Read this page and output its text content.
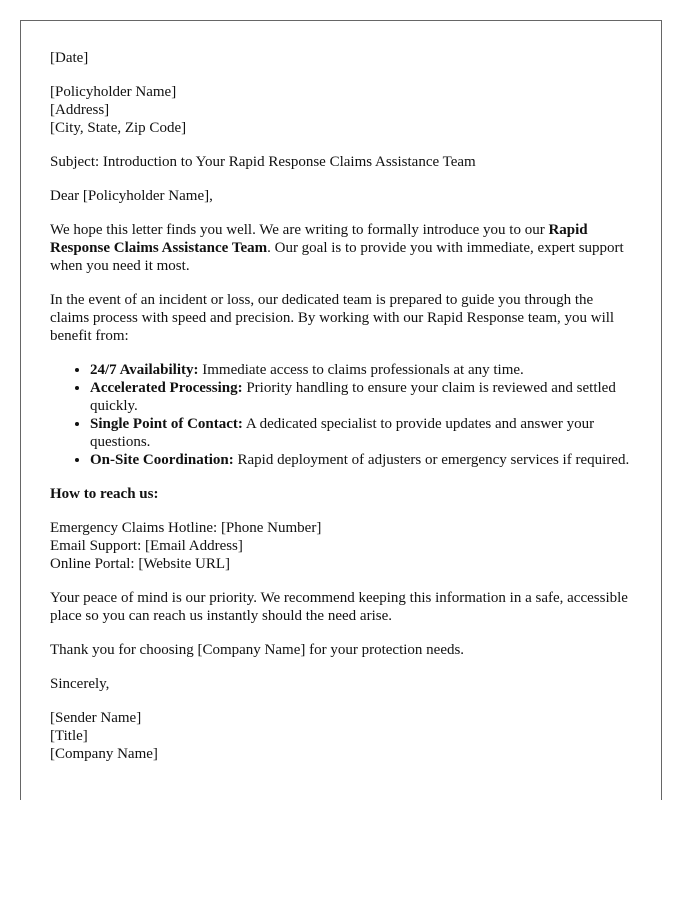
[Date]

[Policyholder Name]
[Address]
[City, State, Zip Code]

Subject: Introduction to Your Rapid Response Claims Assistance Team

Dear [Policyholder Name],

We hope this letter finds you well. We are writing to formally introduce you to our Rapid Response Claims Assistance Team. Our goal is to provide you with immediate, expert support when you need it most.

In the event of an incident or loss, our dedicated team is prepared to guide you through the claims process with speed and precision. By working with our Rapid Response team, you will benefit from:

• 24/7 Availability: Immediate access to claims professionals at any time.
• Accelerated Processing: Priority handling to ensure your claim is reviewed and settled quickly.
• Single Point of Contact: A dedicated specialist to provide updates and answer your questions.
• On-Site Coordination: Rapid deployment of adjusters or emergency services if required.

How to reach us:

Emergency Claims Hotline: [Phone Number]
Email Support: [Email Address]
Online Portal: [Website URL]

Your peace of mind is our priority. We recommend keeping this information in a safe, accessible place so you can reach us instantly should the need arise.

Thank you for choosing [Company Name] for your protection needs.

Sincerely,

[Sender Name]
[Title]
[Company Name]
